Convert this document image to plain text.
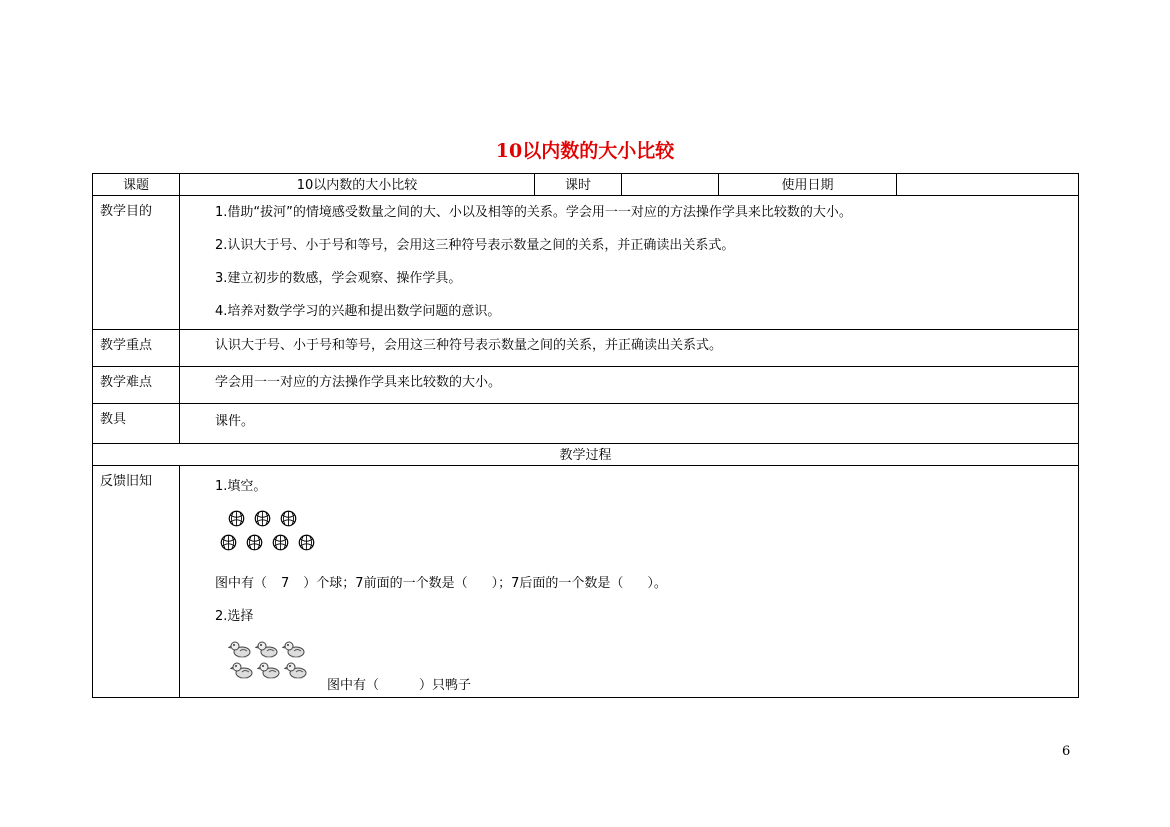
10以内数的大小比较
课题	10以内数的大小比较	课时		使用日期	
教学目的	1.借助“拔河”的情境感受数量之间的大、小以及相等的关系。学会用一一对应的方法操作学具来比较数的大小。

2.认识大于号、小于号和等号，会用这三种符号表示数量之间的关系，并正确读出关系式。

3.建立初步的数感，学会观察、操作学具。

4.培养对数学学习的兴趣和提出数学问题的意识。				

教学重点	认识大于号、小于号和等号，会用这三种符号表示数量之间的关系，并正确读出关系式。				

教学难点	学会用一一对应的方法操作学具来比较数的大小。				

教具	课件。				

教学过程					
反馈旧知	1.填空。
图中有（ 7 ）个球；7前面的一个数是（ ）；7后面的一个数是（ ）。
2.选择
图中有（ ）只鸭子				
6
